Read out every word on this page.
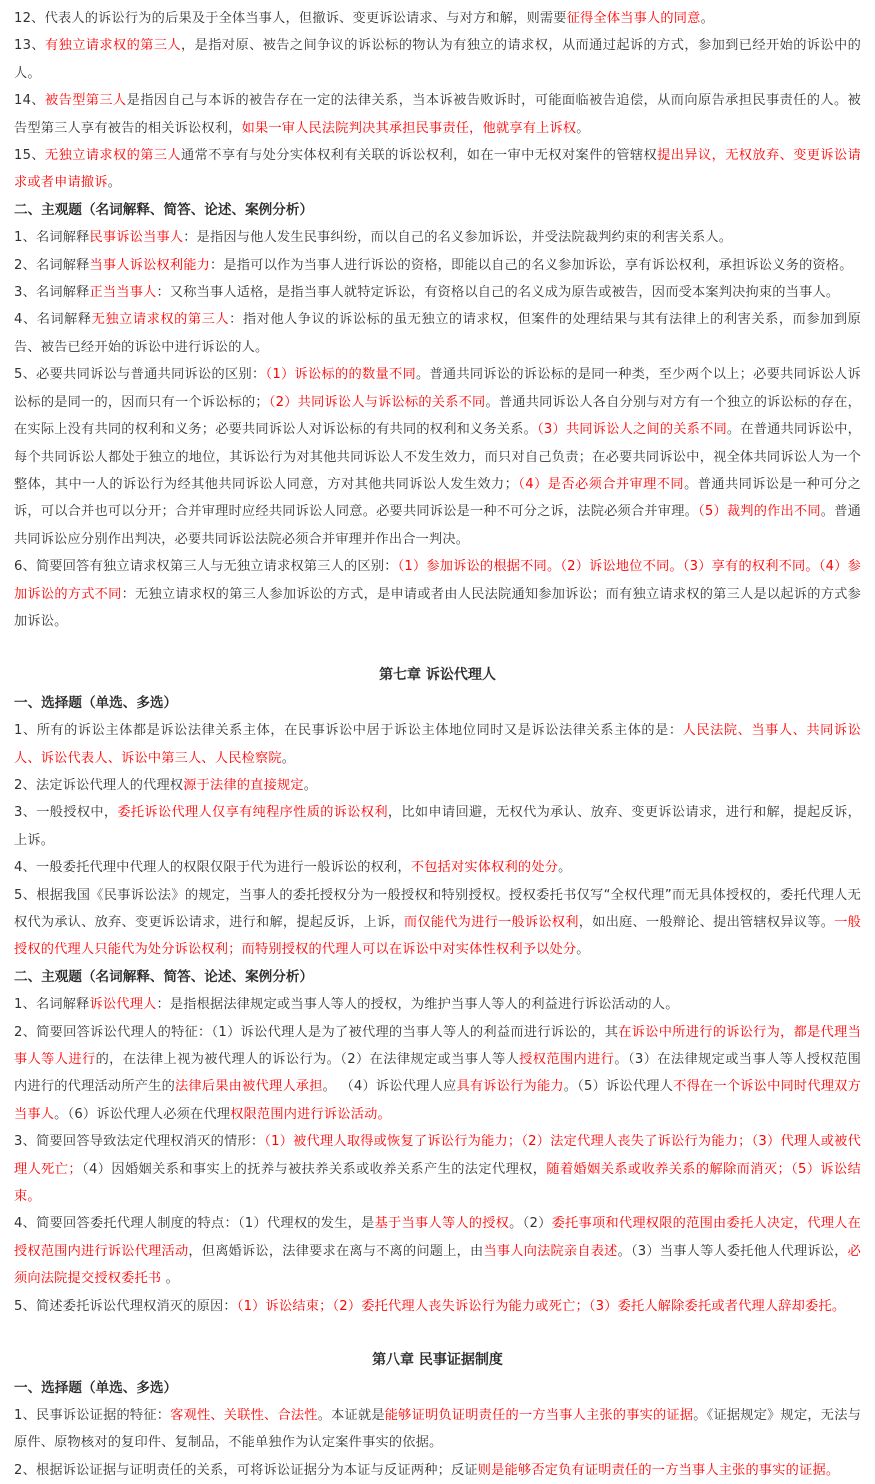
12、代表人的诉讼行为的后果及于全体当事人，但撤诉、变更诉讼请求、与对方和解，则需要征得全体当事人的同意。

13、有独立请求权的第三人，是指对原、被告之间争议的诉讼标的物认为有独立的请求权，从而通过起诉的方式，参加到已经开始的诉讼中的人。

14、被告型第三人是指因自己与本诉的被告存在一定的法律关系，当本诉被告败诉时，可能面临被告追偿，从而向原告承担民事责任的人。被告型第三人享有被告的相关诉讼权利，如果一审人民法院判决其承担民事责任，他就享有上诉权。

15、无独立请求权的第三人通常不享有与处分实体权利有关联的诉讼权利，如在一审中无权对案件的管辖权提出异议，无权放弃、变更诉讼请求或者申请撤诉。

二、主观题（名词解释、简答、论述、案例分析）

1、名词解释民事诉讼当事人：是指因与他人发生民事纠纷，而以自己的名义参加诉讼，并受法院裁判约束的利害关系人。

2、名词解释当事人诉讼权利能力：是指可以作为当事人进行诉讼的资格，即能以自己的名义参加诉讼，享有诉讼权利，承担诉讼义务的资格。

3、名词解释正当当事人：又称当事人适格，是指当事人就特定诉讼，有资格以自己的名义成为原告或被告，因而受本案判决拘束的当事人。

4、名词解释无独立请求权的第三人：指对他人争议的诉讼标的虽无独立的请求权，但案件的处理结果与其有法律上的利害关系，而参加到原告、被告已经开始的诉讼中进行诉讼的人。

5、必要共同诉讼与普通共同诉讼的区别：（1）诉讼标的的数量不同。普通共同诉讼的诉讼标的是同一种类，至少两个以上；必要共同诉讼人诉讼标的是同一的，因而只有一个诉讼标的；（2）共同诉讼人与诉讼标的关系不同。普通共同诉讼人各自分别与对方有一个独立的诉讼标的存在，在实际上没有共同的权利和义务；必要共同诉讼人对诉讼标的有共同的权利和义务关系。（3）共同诉讼人之间的关系不同。在普通共同诉讼中，每个共同诉讼人都处于独立的地位，其诉讼行为对其他共同诉讼人不发生效力，而只对自己负责；在必要共同诉讼中，视全体共同诉讼人为一个整体，其中一人的诉讼行为经其他共同诉讼人同意，方对其他共同诉讼人发生效力；（4）是否必须合并审理不同。普通共同诉讼是一种可分之诉，可以合并也可以分开；合并审理时应经共同诉讼人同意。必要共同诉讼是一种不可分之诉，法院必须合并审理。（5）裁判的作出不同。普通共同诉讼应分别作出判决，必要共同诉讼法院必须合并审理并作出合一判决。

6、简要回答有独立请求权第三人与无独立请求权第三人的区别：（1）参加诉讼的根据不同。（2）诉讼地位不同。（3）享有的权利不同。（4）参加诉讼的方式不同：无独立请求权的第三人参加诉讼的方式，是申请或者由人民法院通知参加诉讼；而有独立请求权的第三人是以起诉的方式参加诉讼。

第七章 诉讼代理人

一、选择题（单选、多选）

1、所有的诉讼主体都是诉讼法律关系主体，在民事诉讼中居于诉讼主体地位同时又是诉讼法律关系主体的是：人民法院、当事人、共同诉讼人、诉讼代表人、诉讼中第三人、人民检察院。

2、法定诉讼代理人的代理权源于法律的直接规定。

3、一般授权中，委托诉讼代理人仅享有纯程序性质的诉讼权利，比如申请回避，无权代为承认、放弃、变更诉讼请求，进行和解，提起反诉，上诉。

4、一般委托代理中代理人的权限仅限于代为进行一般诉讼的权利，不包括对实体权利的处分。

5、根据我国《民事诉讼法》的规定，当事人的委托授权分为一般授权和特别授权。授权委托书仅写“全权代理”而无具体授权的，委托代理人无权代为承认、放弃、变更诉讼请求，进行和解，提起反诉，上诉，而仅能代为进行一般诉讼权利，如出庭、一般辩论、提出管辖权异议等。一般授权的代理人只能代为处分诉讼权利；而特别授权的代理人可以在诉讼中对实体性权利予以处分。

二、主观题（名词解释、简答、论述、案例分析）

1、名词解释诉讼代理人：是指根据法律规定或当事人等人的授权，为维护当事人等人的利益进行诉讼活动的人。

2、简要回答诉讼代理人的特征：（1）诉讼代理人是为了被代理的当事人等人的利益而进行诉讼的，其在诉讼中所进行的诉讼行为，都是代理当事人等人进行的，在法律上视为被代理人的诉讼行为。（2）在法律规定或当事人等人授权范围内进行。（3）在法律规定或当事人等人授权范围内进行的代理活动所产生的法律后果由被代理人承担。 （4）诉讼代理人应具有诉讼行为能力。（5）诉讼代理人不得在一个诉讼中同时代理双方当事人。（6）诉讼代理人必须在代理权限范围内进行诉讼活动。

3、简要回答导致法定代理权消灭的情形：（1）被代理人取得或恢复了诉讼行为能力；（2）法定代理人丧失了诉讼行为能力；（3）代理人或被代理人死亡；（4）因婚姻关系和事实上的抚养与被扶养关系或收养关系产生的法定代理权，随着婚姻关系或收养关系的解除而消灭；（5）诉讼结束。

4、简要回答委托代理人制度的特点：（1）代理权的发生，是基于当事人等人的授权。（2）委托事项和代理权限的范围由委托人决定，代理人在授权范围内进行诉讼代理活动，但离婚诉讼，法律要求在离与不离的问题上，由当事人向法院亲自表述。（3）当事人等人委托他人代理诉讼，必须向法院提交授权委托书 。

5、简述委托诉讼代理权消灭的原因：（1）诉讼结束；（2）委托代理人丧失诉讼行为能力或死亡；（3）委托人解除委托或者代理人辞却委托。

第八章 民事证据制度

一、选择题（单选、多选）

1、民事诉讼证据的特征：客观性、关联性、合法性。本证就是能够证明负证明责任的一方当事人主张的事实的证据。《证据规定》规定，无法与原件、原物核对的复印件、复制品，不能单独作为认定案件事实的依据。

2、根据诉讼证据与证明责任的关系，可将诉讼证据分为本证与反证两种；反证则是能够否定负有证明责任的一方当事人主张的事实的证据。
